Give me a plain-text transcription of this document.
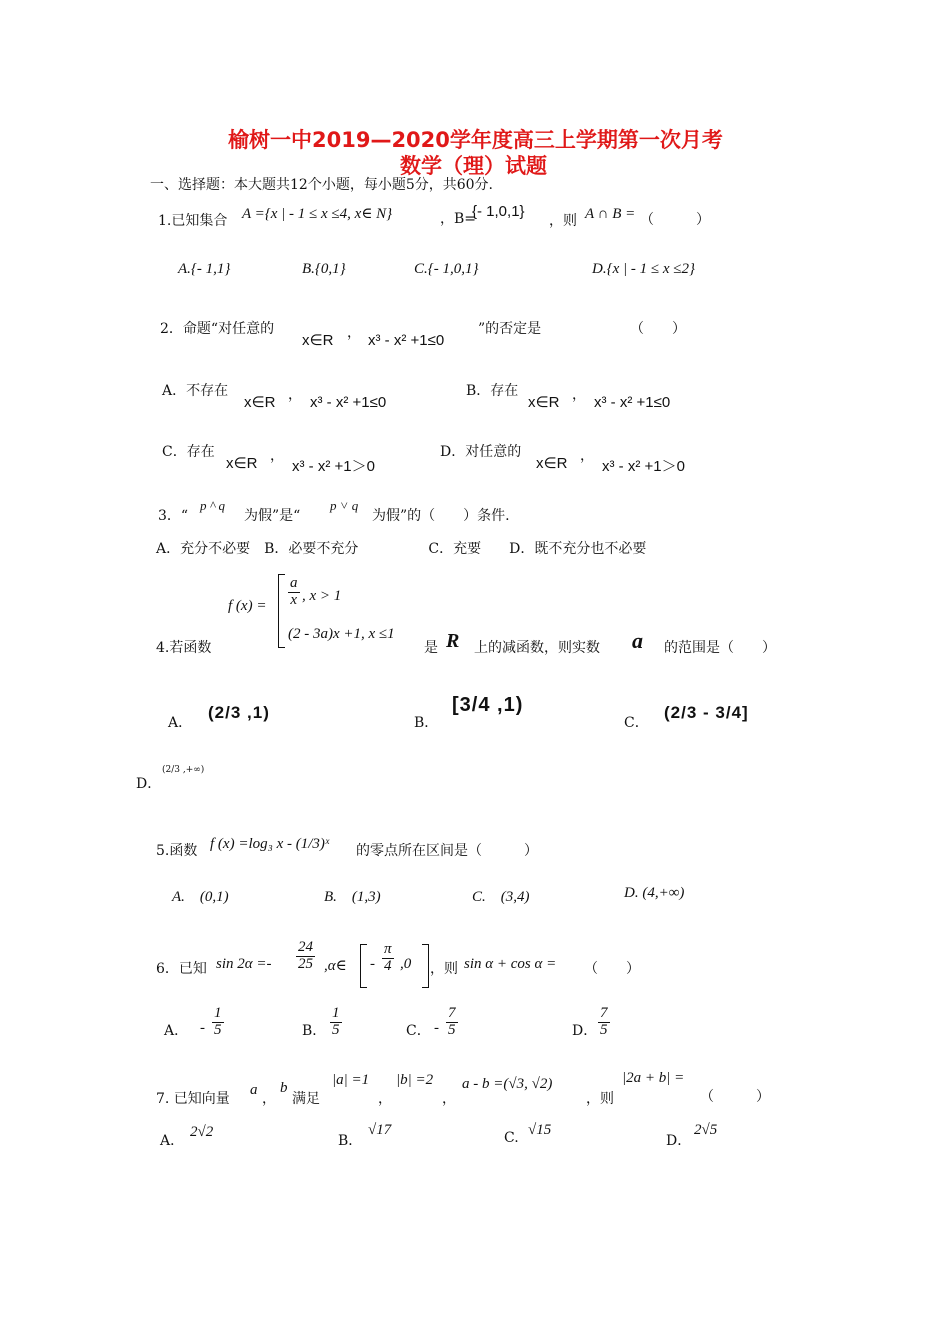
榆树一中2019—2020学年度高三上学期第一次月考
数学（理）试题
一、选择题：本大题共12个小题，每小题5分，共60分.
1.已知集合 A ={x | - 1 ≤ x ≤4, x∈ N}	，B=
{- 1,0,1}
，则 A ∩ B = （　　　）
A.{- 1,1}	B.{0,1}	C.{- 1,0,1}	D.{x | - 1 ≤ x ≤2}
2．命题“对任意的
x∈R ， x³ - x² +1≤0
”的否定是	（　　）
A．不存在
x∈R ， x³ - x² +1≤0
B．存在
x∈R ， x³ - x² +1≤0
C．存在
x∈R ，
x³ - x² +1＞0
D．对任意的
x∈R ，
x³ - x² +1＞0
3．“
p ^ q
为假”是“
p ˅ q
为假”的（　　）条件.
A．充分不必要　B．必要不充分　　　　　C．充要　　D．既不充分也不必要
f $(x) = \frac{a}{x}$ , x > 1
(2 - 3a)x +1, x ≤1
4.若函数	是 R 上的减函数，则实数 a 的范围是（　　）
A．
(2/3 ,1)
B．
[3/4 ,1)
C．
(2/3 - 3/4]
D．
(2/3 ,+∞)
5.函数 f (x) =log₃ x - (1/3)ˣ 的零点所在区间是（　　　）
A.　(0,1)	B.　(1,3)	C.　(3,4)	D. (4,+∞)
6．已知 $\sin 2\alpha =- \frac{24}{25}$ ,α∈ - $\frac{\pi}{4} ,0$ ，则 sin α + cos α = （　　）
A． - $\frac{1}{5}$	B． $\frac{1}{5}$	C． - $\frac{7}{5}$	D． $\frac{7}{5}$
7. 已知向量
a
，
b
满足
|a| =1
，
|b| =2
，
a - b =(√3, √2)
，则
|2a + b| =
（　　　）
A．
2√2
B．
√17	C. √15
D．
2√5
